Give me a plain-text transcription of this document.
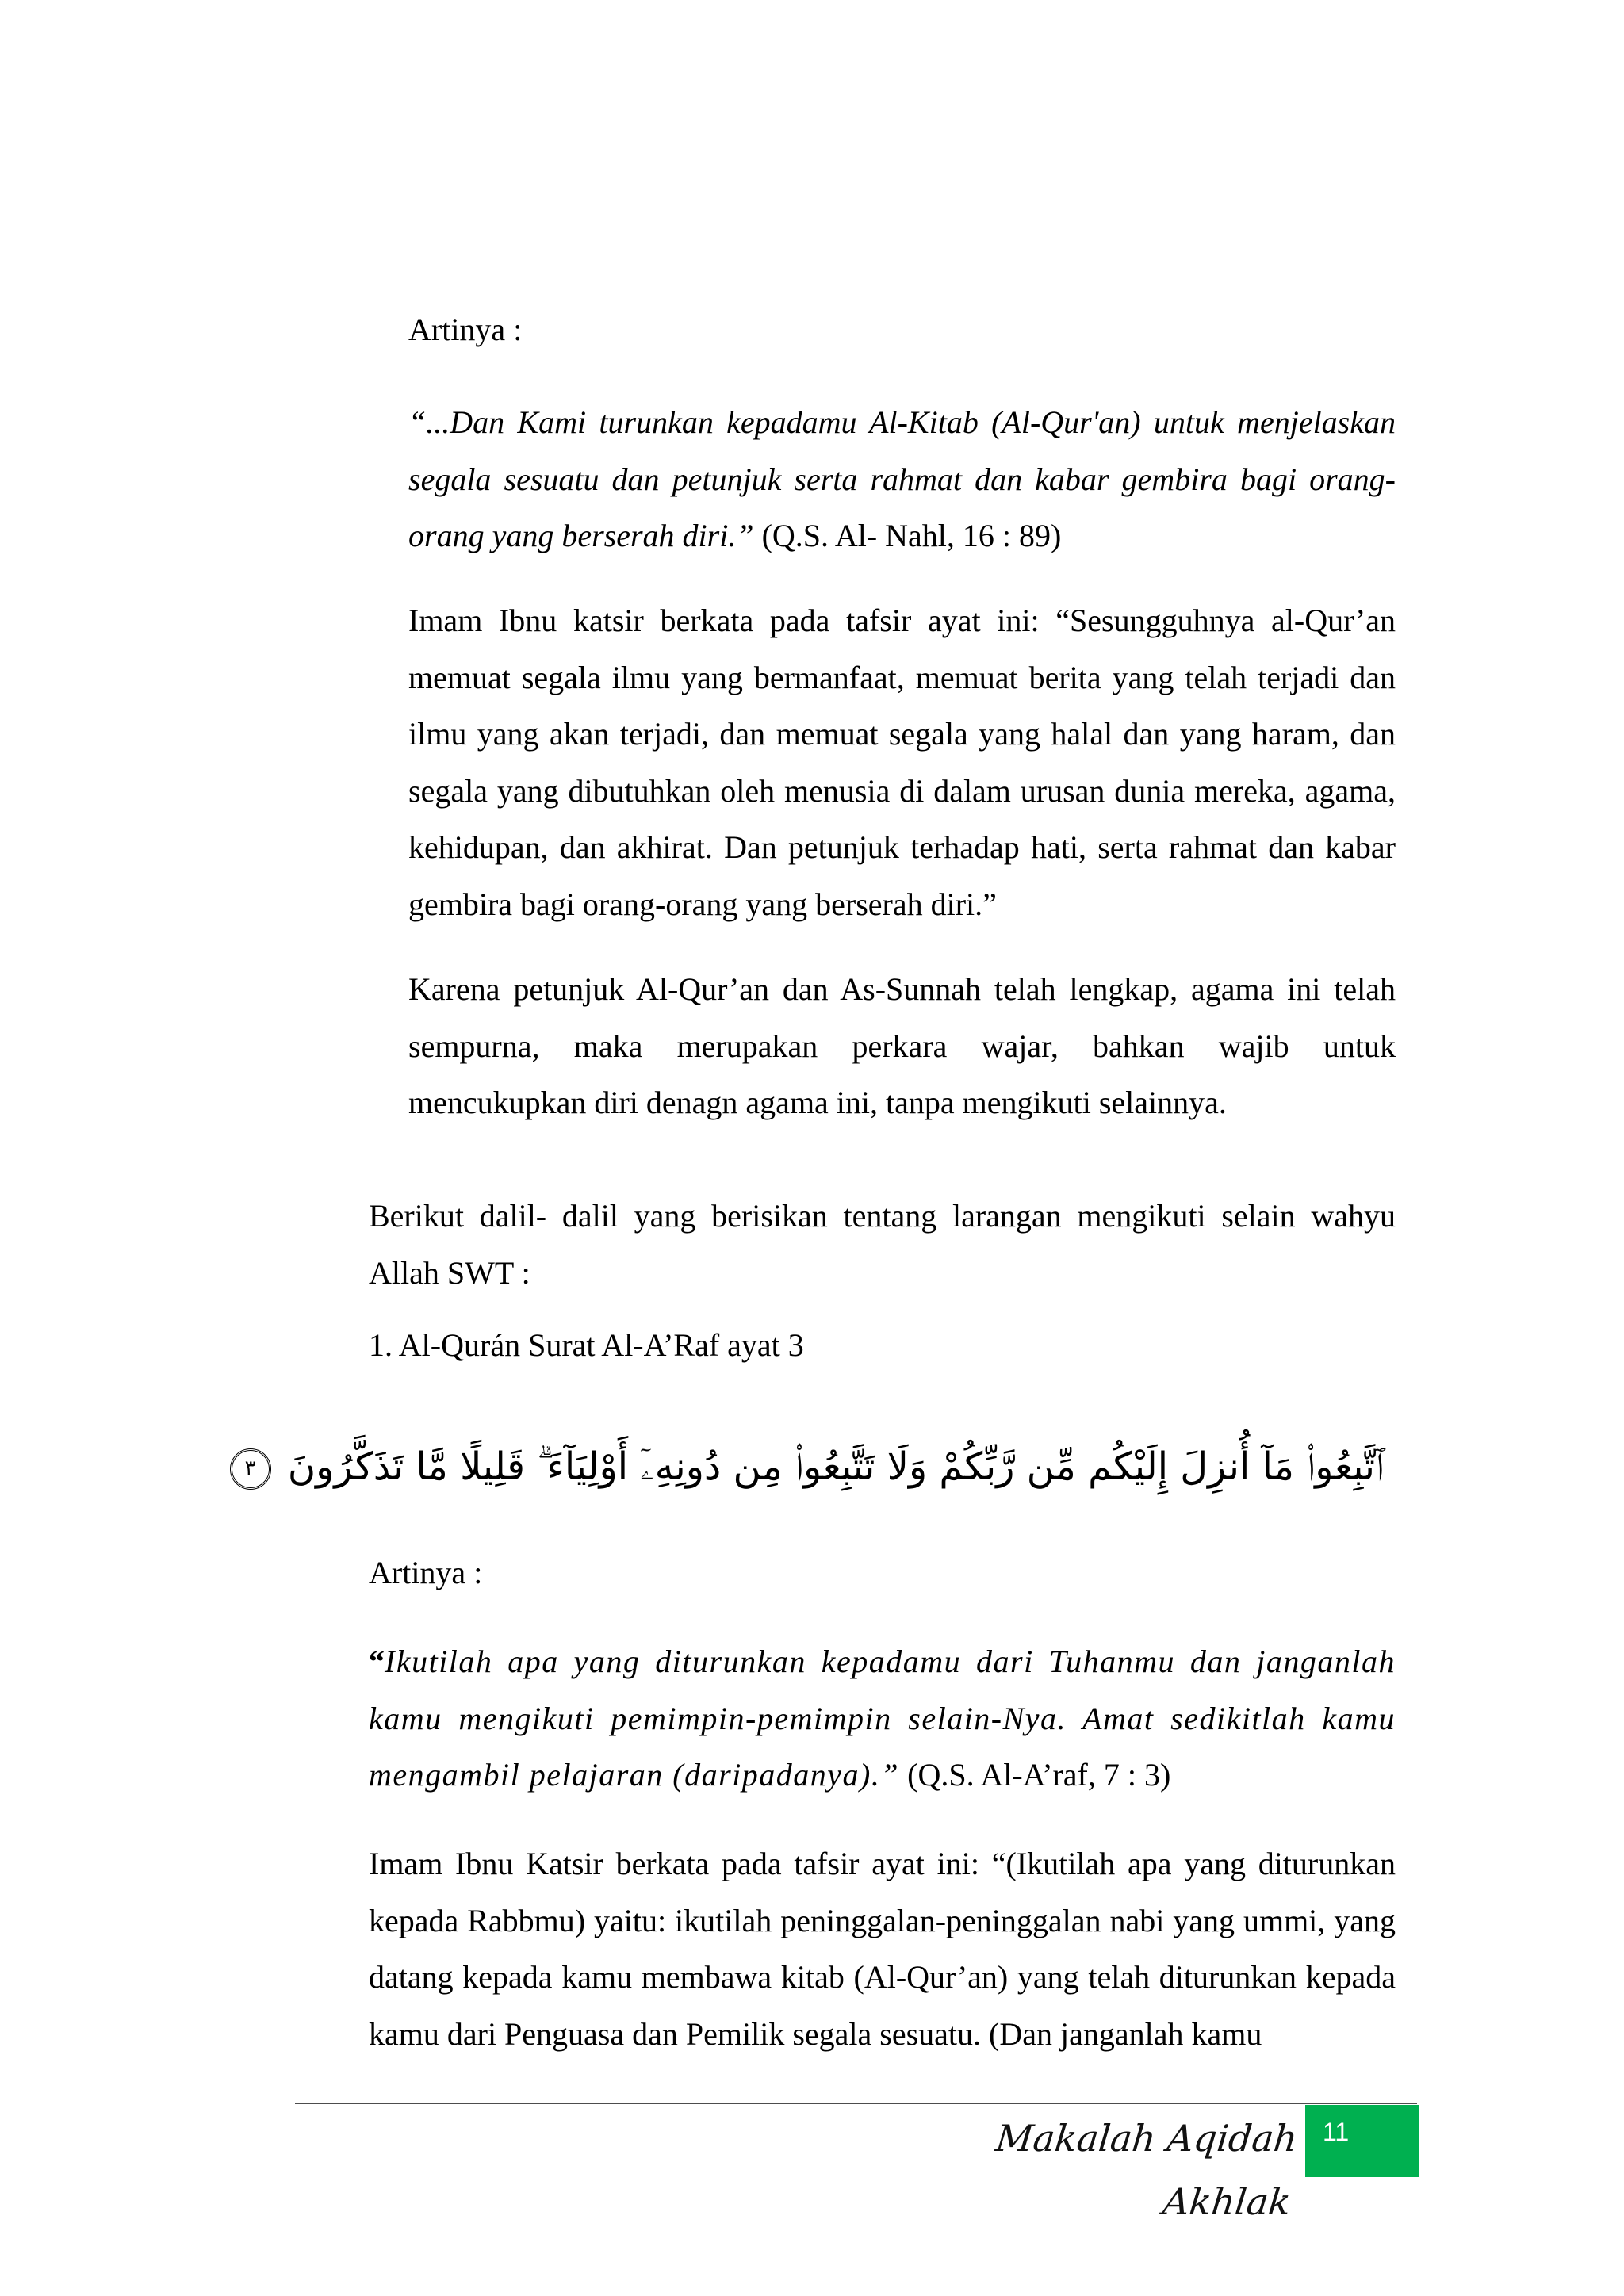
Artinya :

“...Dan Kami turunkan kepadamu Al-Kitab (Al-Qur'an) untuk menjelaskan segala sesuatu dan petunjuk serta rahmat dan kabar gembira bagi orang-orang yang berserah diri.” (Q.S. Al- Nahl, 16 : 89)

Imam Ibnu katsir berkata pada tafsir ayat ini: “Sesungguhnya al-Qur’an memuat segala ilmu yang bermanfaat, memuat berita yang telah terjadi dan ilmu yang akan terjadi, dan memuat segala yang halal dan yang haram, dan segala yang dibutuhkan oleh menusia di dalam urusan dunia mereka, agama, kehidupan, dan akhirat. Dan petunjuk terhadap hati, serta rahmat dan kabar gembira bagi orang-orang yang berserah diri.”

Karena petunjuk Al-Qur’an dan As-Sunnah telah lengkap, agama ini telah sempurna, maka merupakan perkara wajar, bahkan wajib untuk mencukupkan diri denagn agama ini, tanpa mengikuti selainnya.

Berikut dalil- dalil yang berisikan tentang larangan mengikuti selain wahyu Allah SWT :

1. Al-Qurán Surat Al-A’Raf ayat 3

ٱتَّبِعُوا۟ مَآ أُنزِلَ إِلَيْكُم مِّن رَّبِّكُمْ وَلَا تَتَّبِعُوا۟ مِن دُونِهِۦٓ أَوْلِيَآءَ ۗ قَلِيلًا مَّا تَذَكَّرُونَ ٣

Artinya :

“Ikutilah apa yang diturunkan kepadamu dari Tuhanmu dan janganlah kamu mengikuti pemimpin-pemimpin selain-Nya. Amat sedikitlah kamu mengambil pelajaran (daripadanya).” (Q.S. Al-A’raf, 7 : 3)

Imam Ibnu Katsir berkata pada tafsir ayat ini: “(Ikutilah apa yang diturunkan kepada Rabbmu) yaitu: ikutilah peninggalan-peninggalan nabi yang ummi, yang datang kepada kamu membawa kitab (Al-Qur’an) yang telah diturunkan kepada kamu dari Penguasa dan Pemilik segala sesuatu. (Dan janganlah kamu

Makalah Aqidah Akhlak
11
